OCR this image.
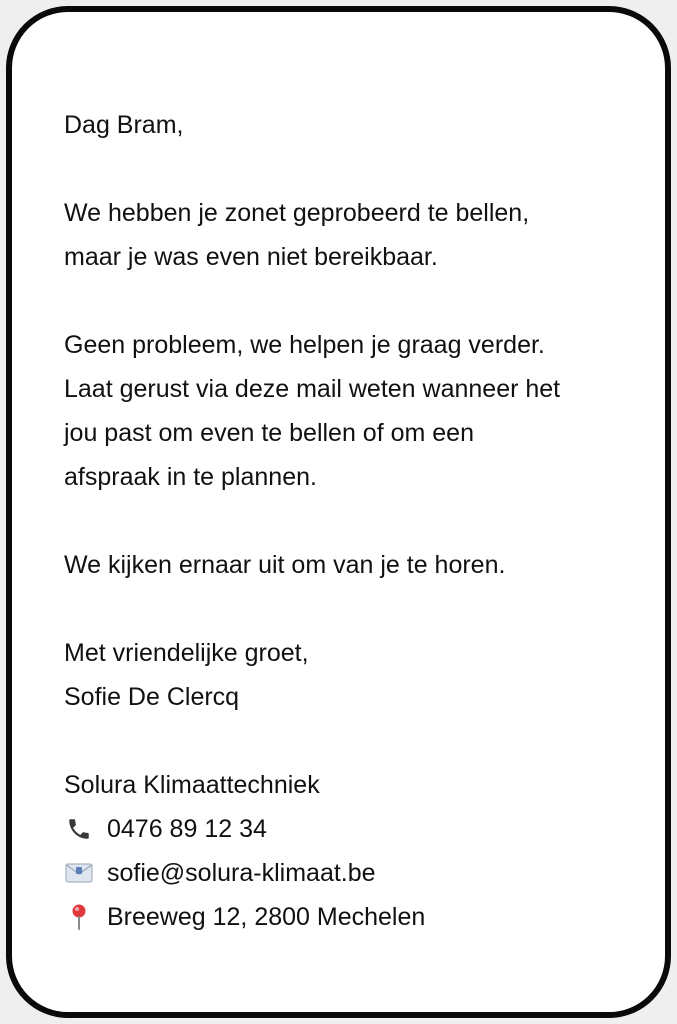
Dag Bram,
We hebben je zonet geprobeerd te bellen,
maar je was even niet bereikbaar.
Geen probleem, we helpen je graag verder.
Laat gerust via deze mail weten wanneer het
jou past om even te bellen of om een
afspraak in te plannen.
We kijken ernaar uit om van je te horen.
Met vriendelijke groet,
Sofie De Clercq
Solura Klimaattechniek
0476 89 12 34
sofie@solura-klimaat.be
Breeweg 12, 2800 Mechelen
